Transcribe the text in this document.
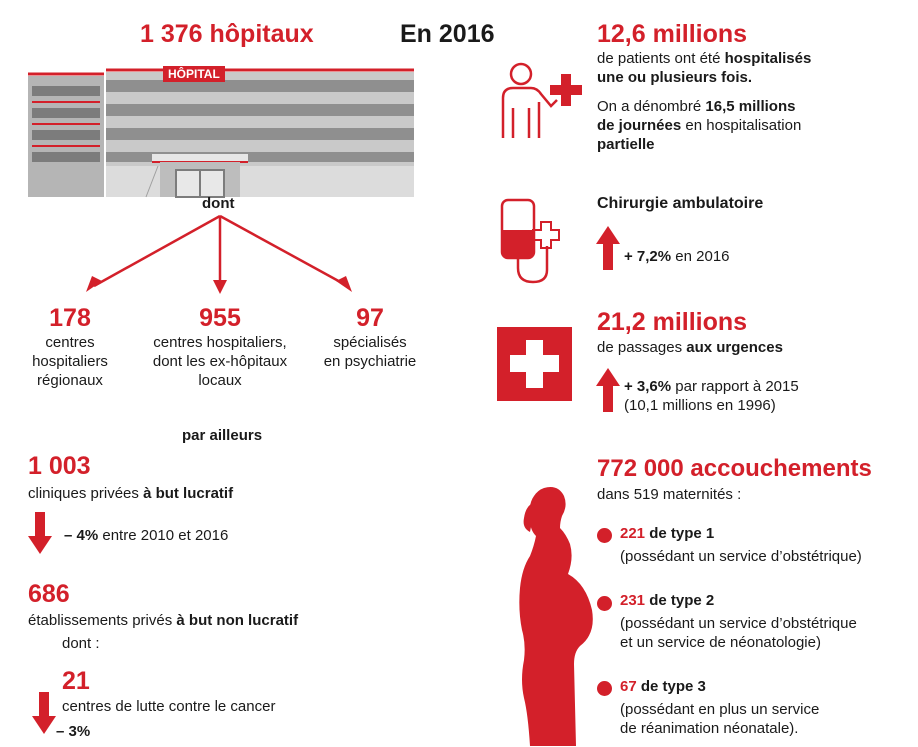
1 376 hôpitaux	En 2016
HÔPITAL
dont
178
centres
hospitaliers
régionaux
955
centres hospitaliers,
dont les ex-hôpitaux
locaux
97
spécialisés
en psychiatrie
par ailleurs
1 003
cliniques privées à but lucratif
– 4% entre 2010 et 2016
686
établissements privés à but non lucratif
dont :
21
centres de lutte contre le cancer
– 3%
12,6 millions
de patients ont été hospitalisés
une ou plusieurs fois.
On a dénombré 16,5 millions
de journées en hospitalisation
partielle
Chirurgie ambulatoire
+ 7,2% en 2016
21,2 millions
de passages aux urgences
+ 3,6% par rapport à 2015
(10,1 millions en 1996)
772 000 accouchements
dans 519 maternités :
221 de type 1
(possédant un service d’obstétrique)
231 de type 2
(possédant un service d’obstétrique
et un service de néonatologie)
67 de type 3
(possédant en plus un service
de réanimation néonatale).
